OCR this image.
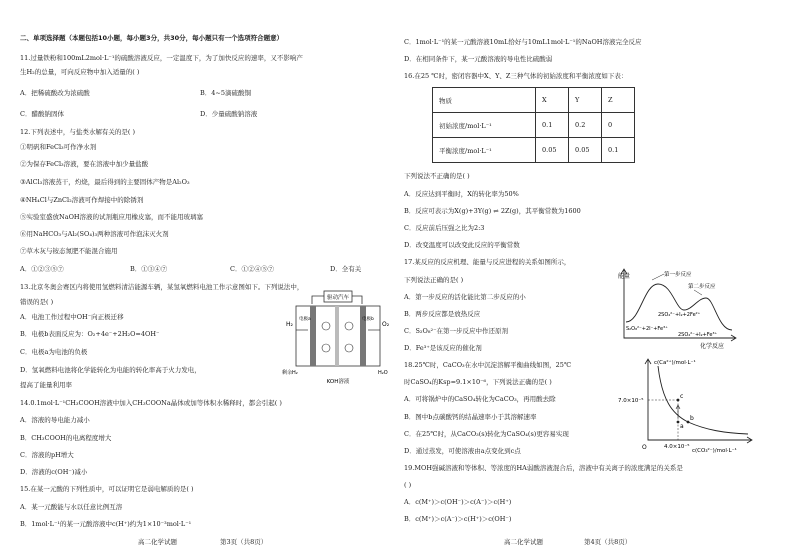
二、单项选择题（本题包括10小题，每小题3分，共30分，每小题只有一个选项符合题意）
11.过量铁粉和100mL2mol·L⁻¹的硫酸溶液反应，一定温度下，为了加快反应的速率，又不影响产
生H₂的总量，可向反应物中加入适量的( )
A．把稀硫酸改为浓硫酸	B．4~5滴硫酸铜
C．醋酸钠固体	D．少量硫酸钠溶液
12.下列表述中，与盐类水解有关的是( )
①明矾和FeCl₃可作净水剂
②为保存FeCl₃溶液，要在溶液中加少量盐酸
③AlCl₃溶液蒸干，灼烧，最后得到的主要固体产物是Al₂O₃
④NH₄Cl与ZnCl₂溶液可作焊接中的除锈剂
⑤实验室盛放NaOH溶液的试剂瓶应用橡皮塞，而不能用玻璃塞
⑥用NaHCO₃与Al₂(SO₄)₃两种溶液可作泡沫灭火剂
⑦草木灰与铵态氮肥不能混合施用
A．①②③⑤⑦	B．①③④⑦	C．①②④⑤⑦	D．全有关
13.北京冬奥会赛区内将使用氢燃料清洁能源车辆，某氢氧燃料电池工作示意图如下。下列说法中，
错误的是( )
A．电池工作过程中OH⁻向正极迁移
B．电极b表面反应为：O₂+4e⁻+2H₂O=4OH⁻
C．电极a为电池的负极
D．氢氧燃料电池将化学能转化为电能的转化率高于火力发电，
提高了能量利用率
驱动汽车
H₂	O₂
电极a	电极b
剩余H₂	H₂O
KOH溶液
14.0.1mol·L⁻¹CH₃COOH溶液中加入CH₃COONa晶体或加等体积水稀释时，都会引起( )
A．溶液的导电能力减小
B．CH₃COOH的电离程度增大
C．溶液的pH增大
D．溶液的c(OH⁻)减小
15.在某一元酸的下列性质中，可以证明它是弱电解质的是( )
A．某一元酸能与水以任意比例互溶
B．1mol·L⁻¹的某一元酸溶液中c(H⁺)约为1×10⁻³mol·L⁻¹
高二化学试题	第3页（共8页）
C．1mol·L⁻¹的某一元酸溶液10mL恰好与10mL1mol·L⁻¹的NaOH溶液完全反应
D．在相同条件下，某一元酸溶液的导电性比硫酸弱
16.在25 ℃时，密闭容器中X、Y、Z三种气体的初始浓度和平衡浓度如下表：
物质	X	Y	Z
初始浓度/mol·L⁻¹	0.1	0.2	0
平衡浓度/mol·L⁻¹	0.05	0.05	0.1
下列说法不正确的是( )
A．反应达到平衡时，X的转化率为50%
B．反应可表示为X(g)+3Y(g) ⇌ 2Z(g)，其平衡常数为1600
C．反应前后压强之比为2:3
D．改变温度可以改变此反应的平衡常数
17.某反应的反应机理、能量与反应进程的关系如图所示，
下列说法正确的是( )
A．第一步反应的活化能比第二步反应的小
B．两步反应都是放热反应
C．S₂O₈²⁻在第一步反应中作还原剂
D．Fe³⁺是该反应的催化剂
能量
化学反应
第一步反应
第二步反应
2SO₄²⁻+I₂+2Fe²⁺
S₂O₈²⁻+2I⁻+Fe³⁺
2SO₄²⁻+I₂+Fe³⁺
18.25℃时，CaCO₃在水中沉淀溶解平衡曲线如图，25℃
时CaSO₄的Ksp=9.1×10⁻⁶，下列说法正确的是( )
A．可将锅炉中的CaSO₄转化为CaCO₃，再用酸去除
B．图中b点碳酸钙的结晶速率小于其溶解速率
C．在25℃时，从CaCO₃(s)转化为CaSO₄(s)更容易实现
D．通过蒸发，可使溶液由a点变化到c点
c(Ca²⁺)/mol·L⁻¹
c(CO₃²⁻)/mol·L⁻¹
O
7.0×10⁻⁵
4.0×10⁻⁵
c
a
b
19.MOH强碱溶液和等体积、等浓度的HA弱酸溶液混合后，溶液中有关离子的浓度满足的关系是
( )
A．c(M⁺)＞c(OH⁻)＞c(A⁻)＞c(H⁺)
B．c(M⁺)＞c(A⁻)＞c(H⁺)＞c(OH⁻)
高二化学试题	第4页（共8页）
